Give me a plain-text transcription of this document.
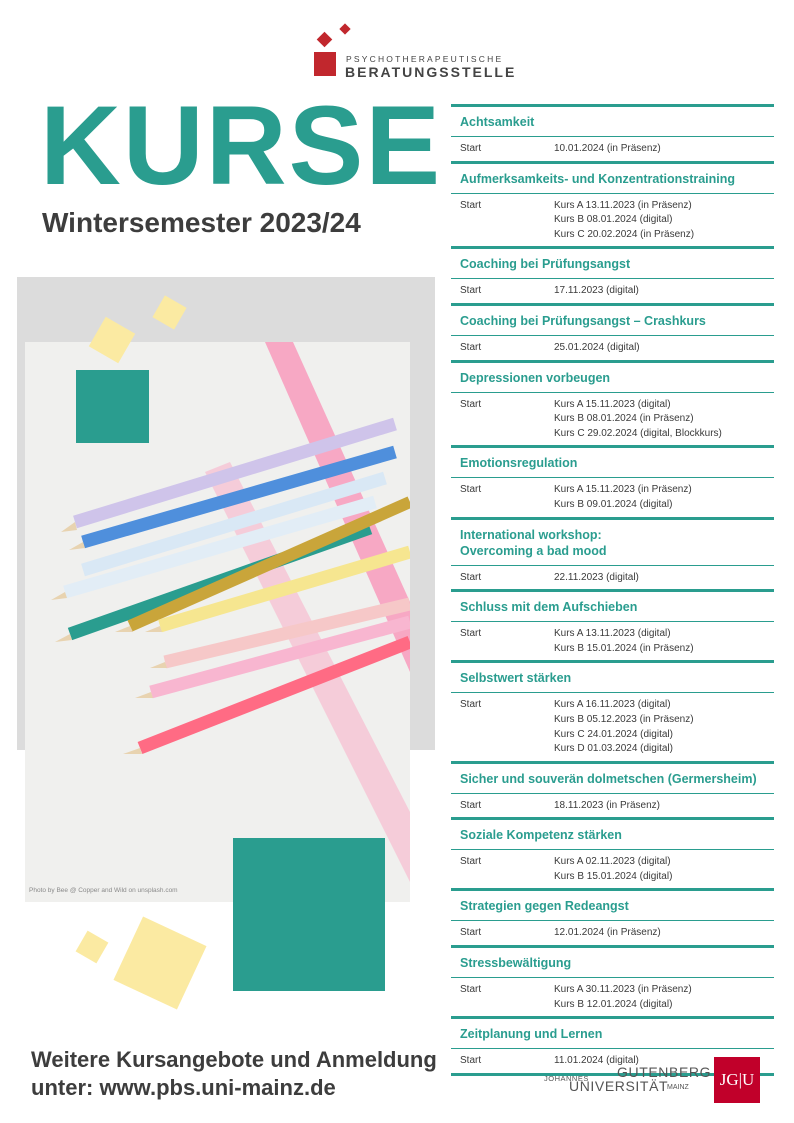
PSYCHOTHERAPEUTISCHE
BERATUNGSSTELLE
KURSE
Wintersemester 2023/24
Photo by Bee @ Copper and Wild on unsplash.com
Achtsamkeit
Start	10.01.2024 (in Präsenz)
Aufmerksamkeits- und Konzentrationstraining
Start	Kurs A 13.11.2023 (in Präsenz)
Kurs B 08.01.2024 (digital)
Kurs C 20.02.2024 (in Präsenz)
Coaching bei Prüfungsangst
Start	17.11.2023 (digital)
Coaching bei Prüfungsangst – Crashkurs
Start	25.01.2024 (digital)
Depressionen vorbeugen
Start	Kurs A 15.11.2023 (digital)
Kurs B 08.01.2024 (in Präsenz)
Kurs C 29.02.2024 (digital, Blockkurs)
Emotionsregulation
Start	Kurs A 15.11.2023 (in Präsenz)
Kurs B 09.01.2024 (digital)
International workshop:
Overcoming a bad mood
Start	22.11.2023 (digital)
Schluss mit dem Aufschieben
Start	Kurs A 13.11.2023 (digital)
Kurs B 15.01.2024 (in Präsenz)
Selbstwert stärken
Start	Kurs A 16.11.2023 (digital)
Kurs B 05.12.2023 (in Präsenz)
Kurs C 24.01.2024 (digital)
Kurs D 01.03.2024 (digital)
Sicher und souverän dolmetschen (Germersheim)
Start	18.11.2023 (in Präsenz)
Soziale Kompetenz stärken
Start	Kurs A 02.11.2023 (digital)
Kurs B 15.01.2024 (digital)
Strategien gegen Redeangst
Start	12.01.2024 (in Präsenz)
Stressbewältigung
Start	Kurs A 30.11.2023 (in Präsenz)
Kurs B 12.01.2024 (digital)
Zeitplanung und Lernen
Start	11.01.2024 (digital)
Weitere Kursangebote und Anmeldung
unter: www.pbs.uni-mainz.de	JOHANNES GUTENBERG
UNIVERSITÄT
MAINZ	JG|U
